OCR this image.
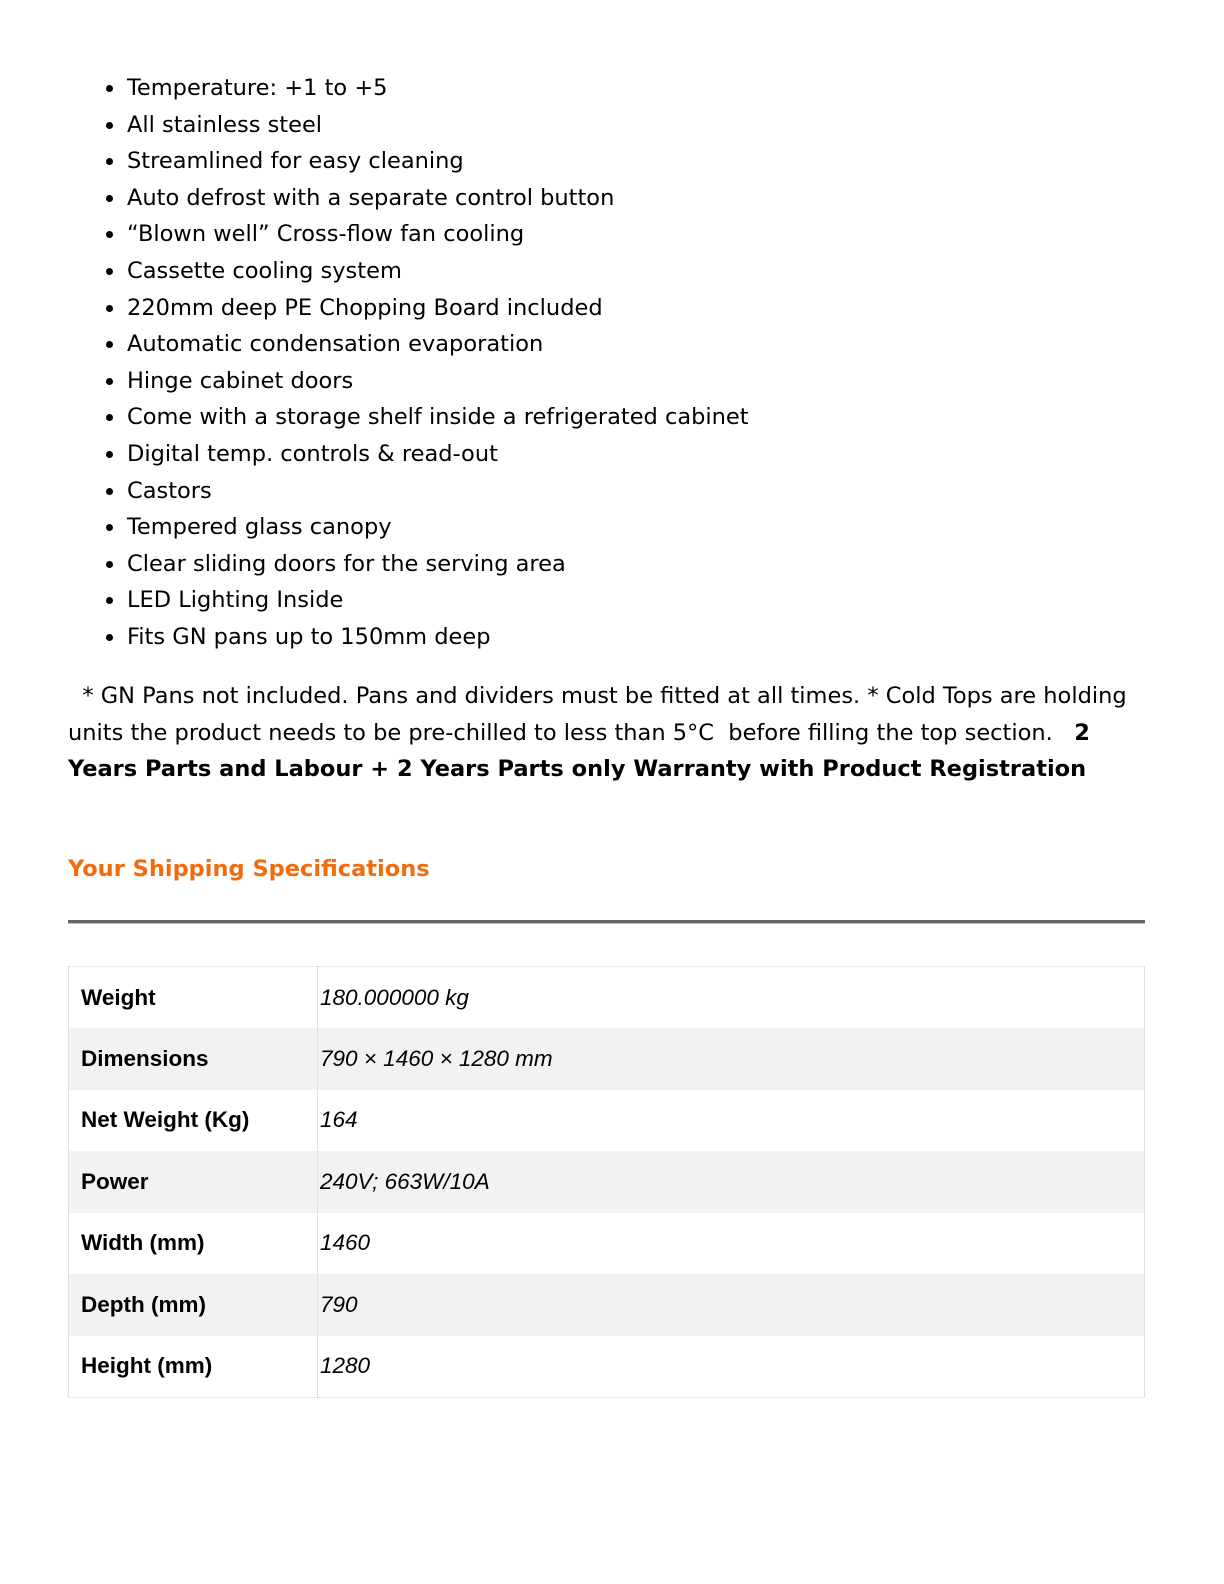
Temperature: +1 to +5
All stainless steel
Streamlined for easy cleaning
Auto defrost with a separate control button
“Blown well” Cross-flow fan cooling
Cassette cooling system
220mm deep PE Chopping Board included
Automatic condensation evaporation
Hinge cabinet doors
Come with a storage shelf inside a refrigerated cabinet
Digital temp. controls & read-out
Castors
Tempered glass canopy
Clear sliding doors for the serving area
LED Lighting Inside
Fits GN pans up to 150mm deep

* GN Pans not included. Pans and dividers must be fitted at all times. * Cold Tops are holding units the product needs to be pre-chilled to less than 5°C  before filling the top section.   2 Years Parts and Labour + 2 Years Parts only Warranty with Product Registration

Your Shipping Specifications
Weight	180.000000 kg
Dimensions	790 × 1460 × 1280 mm
Net Weight (Kg)	164
Power	240V; 663W/10A
Width (mm)	1460
Depth (mm)	790
Height (mm)	1280
